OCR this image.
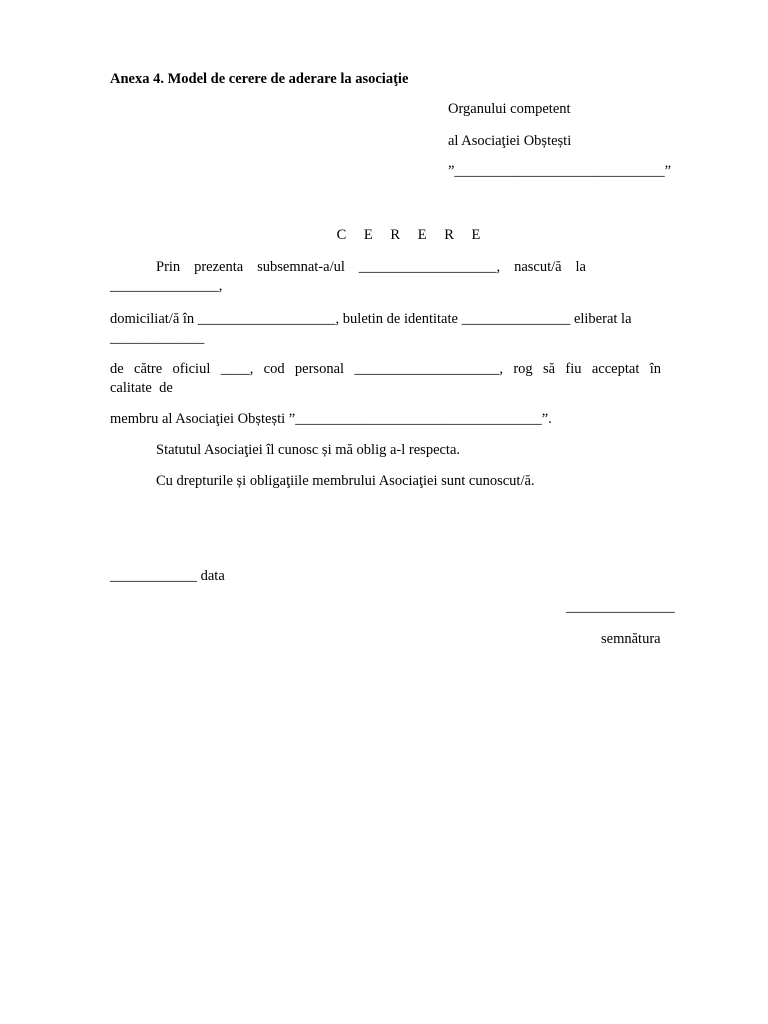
Anexa 4. Model de cerere de aderare la asociaţie
Organului competent
al Asociaţiei Obștești
”_____________________________”
C E R E R E
Prin prezenta subsemnat-a/ul ___________________, nascut/ă la
_______________,
domiciliat/ă în ___________________, buletin de identitate _______________ eliberat la
_____________
de către oficiul ____, cod personal ____________________, rog să fiu acceptat în
calitate  de
membru al Asociaţiei Obștești ”__________________________________”.
Statutul Asociaţiei îl cunosc și mă oblig a-l respecta.
Cu drepturile și obligaţiile membrului Asociaţiei sunt cunoscut/ă.
____________ data
_______________
semnătura
